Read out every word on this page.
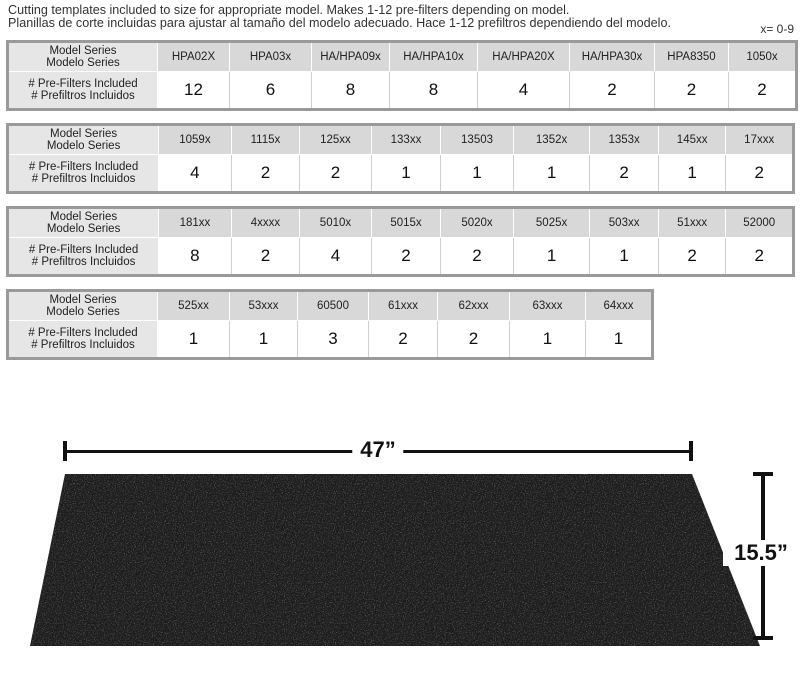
Cutting templates included to size for appropriate model. Makes 1-12 pre-filters depending on model.
Planillas de corte incluidas para ajustar al tamaño del modelo adecuado. Hace 1-12 prefiltros dependiendo del modelo.	x= 0-9
Model Series
Modelo Series	HPA02X	HPA03x	HA/HPA09x	HA/HPA10x	HA/HPA20X	HA/HPA30x	HPA8350	1050x

# Pre-Filters Included
# Prefiltros Incluidos	12	6	8	8	4	2	2	2
Model Series
Modelo Series	1059x	1115x	125xx	133xx	13503	1352x	1353x	145xx	17xxx

# Pre-Filters Included
# Prefiltros Incluidos	4	2	2	1	1	1	2	1	2
Model Series
Modelo Series	181xx	4xxxx	5010x	5015x	5020x	5025x	503xx	51xxx	52000

# Pre-Filters Included
# Prefiltros Incluidos	8	2	4	2	2	1	1	2	2
Model Series
Modelo Series	525xx	53xxx	60500	61xxx	62xxx	63xxx	64xxx

# Pre-Filters Included
# Prefiltros Incluidos	1	1	3	2	2	1	1
47”
15.5”
